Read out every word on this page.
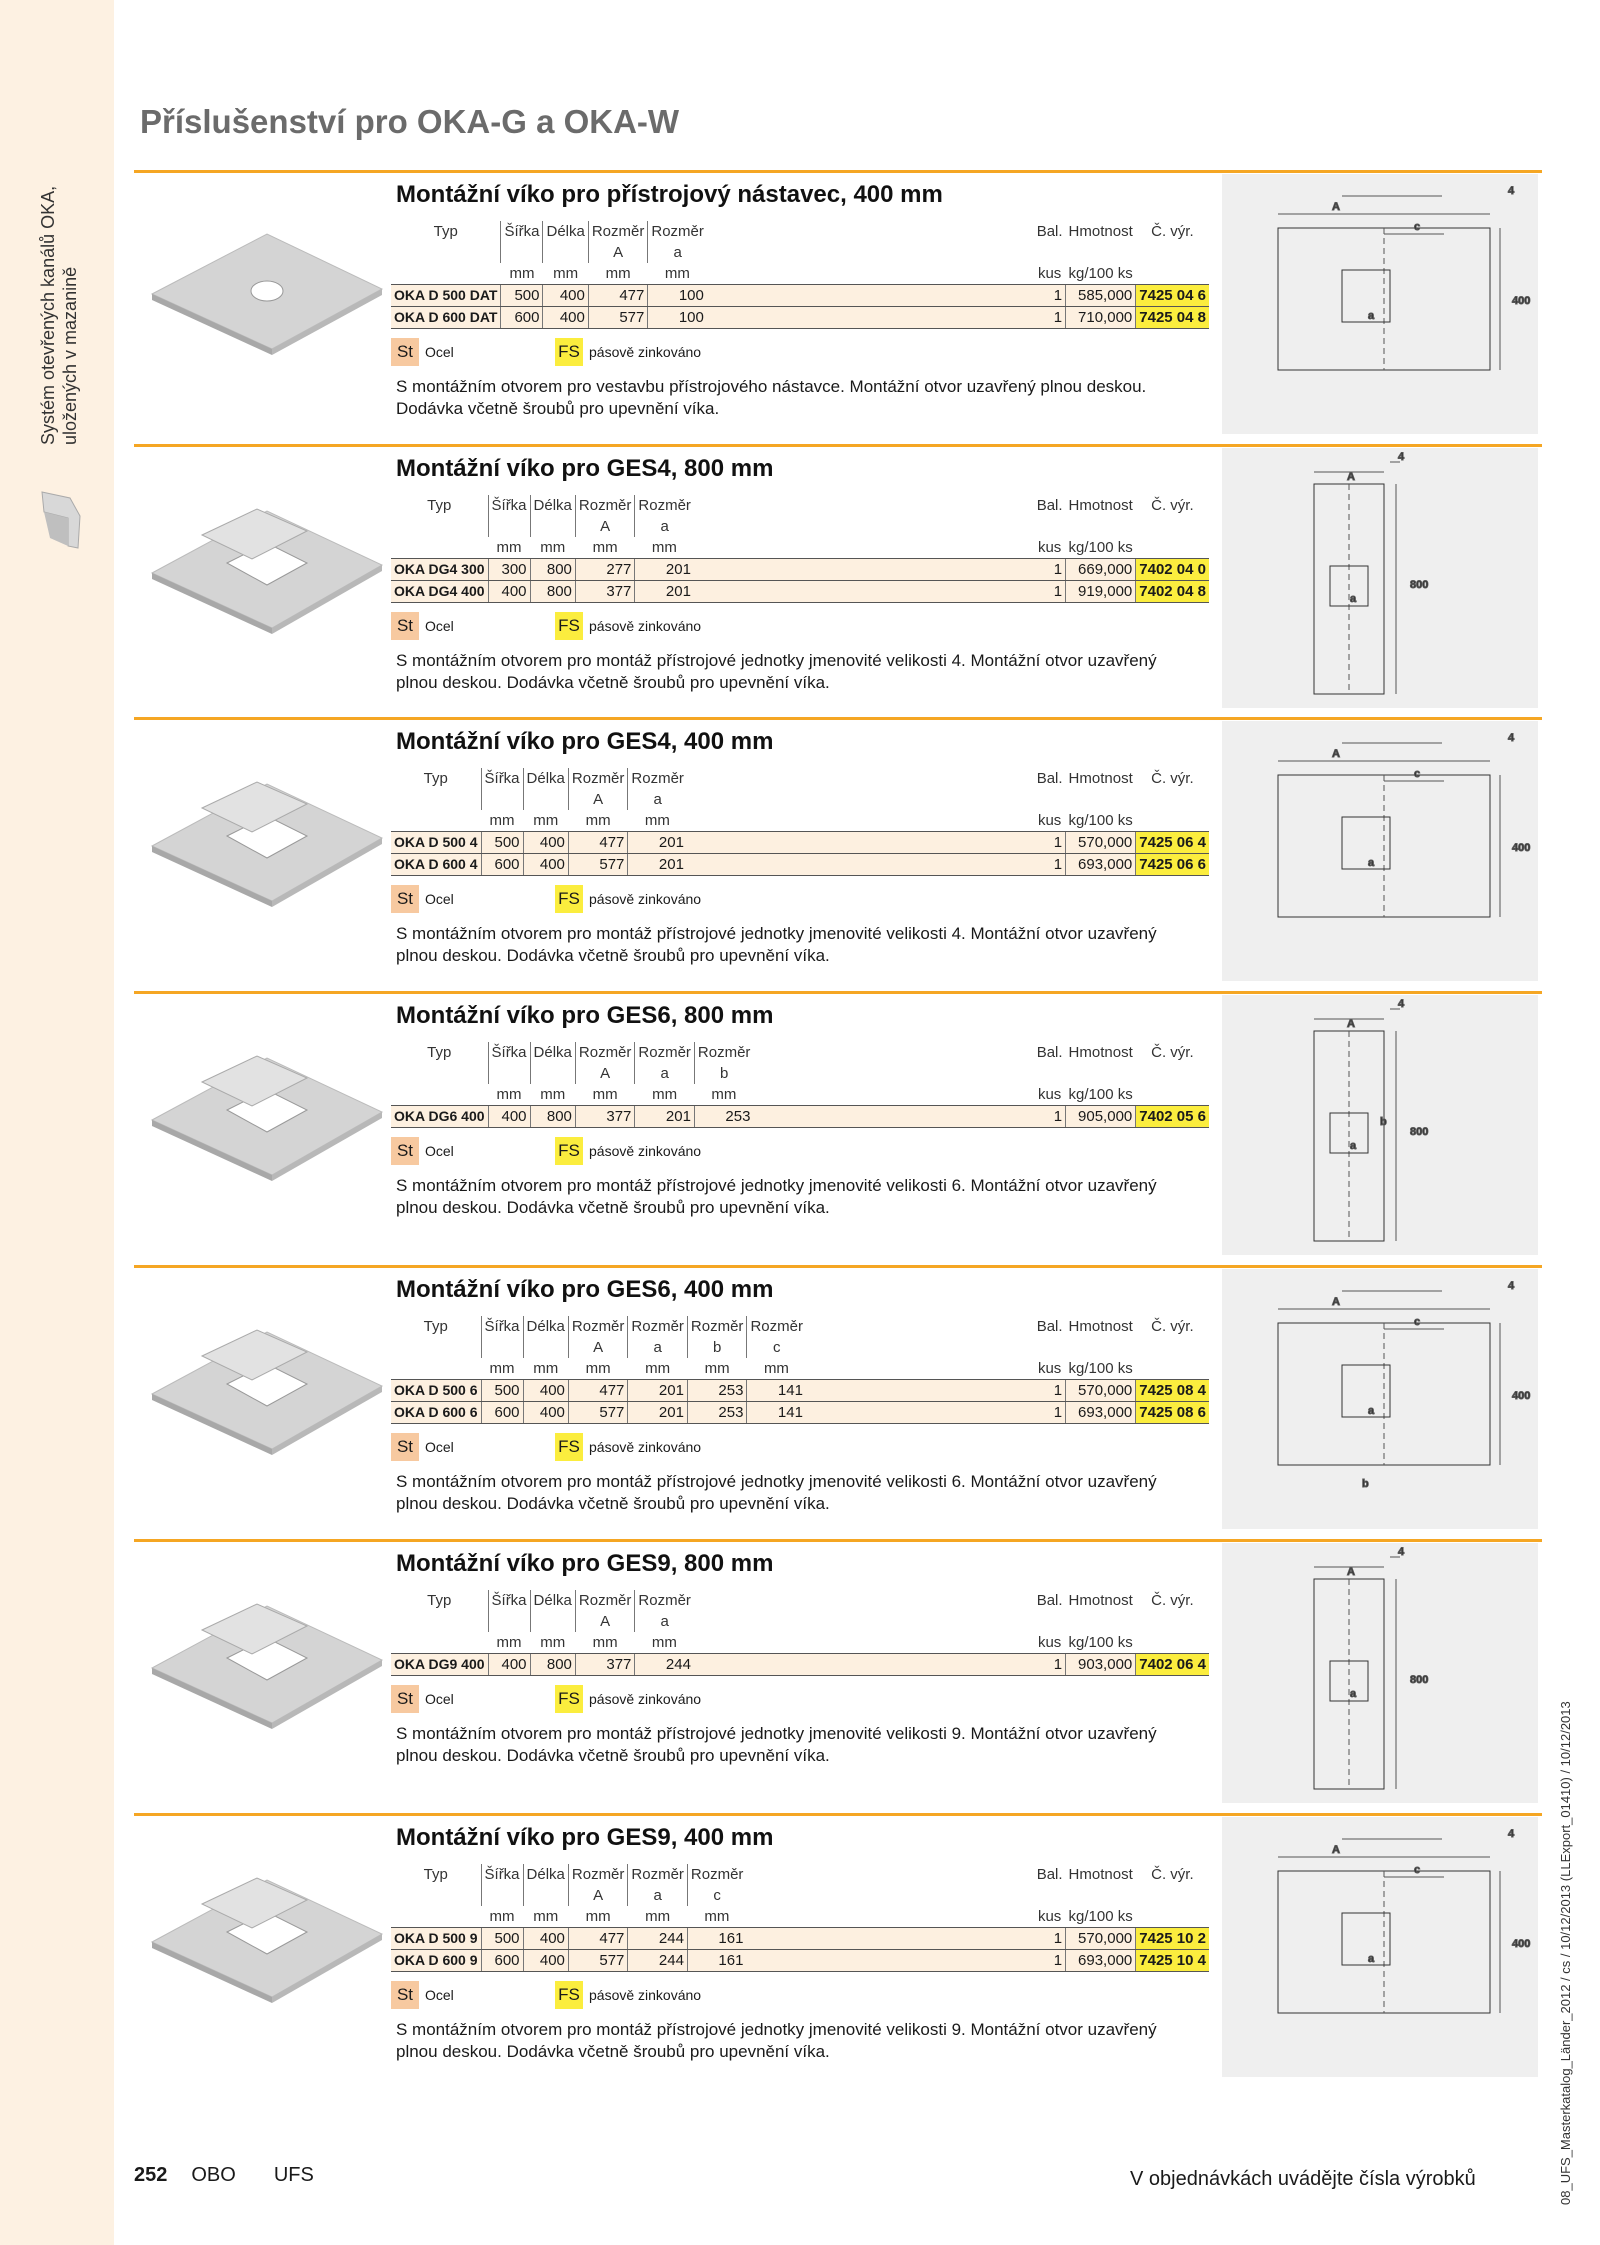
Systém otevřených kanálů OKA, uložených v mazanině
Příslušenství pro OKA-G a OKA-W
A
c
a
400
4
Montážní víko pro přístrojový nástavec, 400 mm
Typ	Šířka	Délka	Rozměr	Rozměr		Bal.	Hmotnost	Č. výr.
			A	a				
	mm	mm	mm	mm		kus	kg/100 ks	
OKA D 500 DAT	500	400	477	100		1	585,000	7425 04 6
OKA D 600 DAT	600	400	577	100		1	710,000	7425 04 8
St Ocel	FS pásově zinkováno
S montážním otvorem pro vestavbu přístrojového nástavce. Montážní otvor uzavřený plnou deskou. Dodávka včetně šroubů pro upevnění víka.
A
a
800
4
Montážní víko pro GES4, 800 mm
Typ	Šířka	Délka	Rozměr	Rozměr		Bal.	Hmotnost	Č. výr.
			A	a				
	mm	mm	mm	mm		kus	kg/100 ks	
OKA DG4 300	300	800	277	201		1	669,000	7402 04 0
OKA DG4 400	400	800	377	201		1	919,000	7402 04 8
St Ocel	FS pásově zinkováno
S montážním otvorem pro montáž přístrojové jednotky jmenovité velikosti 4. Montážní otvor uzavřený plnou deskou. Dodávka včetně šroubů pro upevnění víka.
A
c
a
400
4
Montážní víko pro GES4, 400 mm
Typ	Šířka	Délka	Rozměr	Rozměr		Bal.	Hmotnost	Č. výr.
			A	a				
	mm	mm	mm	mm		kus	kg/100 ks	
OKA D 500 4	500	400	477	201		1	570,000	7425 06 4
OKA D 600 4	600	400	577	201		1	693,000	7425 06 6
St Ocel	FS pásově zinkováno
S montážním otvorem pro montáž přístrojové jednotky jmenovité velikosti 4. Montážní otvor uzavřený plnou deskou. Dodávka včetně šroubů pro upevnění víka.
A
b
a
800
4
Montážní víko pro GES6, 800 mm
Typ	Šířka	Délka	Rozměr	Rozměr	Rozměr		Bal.	Hmotnost	Č. výr.
			A	a	b				
	mm	mm	mm	mm	mm		kus	kg/100 ks	
OKA DG6 400	400	800	377	201	253		1	905,000	7402 05 6
St Ocel	FS pásově zinkováno
S montážním otvorem pro montáž přístrojové jednotky jmenovité velikosti 6. Montážní otvor uzavřený plnou deskou. Dodávka včetně šroubů pro upevnění víka.
A
c
a
b
400
4
Montážní víko pro GES6, 400 mm
Typ	Šířka	Délka	Rozměr	Rozměr	Rozměr	Rozměr		Bal.	Hmotnost	Č. výr.
			A	a	b	c				
	mm	mm	mm	mm	mm	mm		kus	kg/100 ks	
OKA D 500 6	500	400	477	201	253	141		1	570,000	7425 08 4
OKA D 600 6	600	400	577	201	253	141		1	693,000	7425 08 6
St Ocel	FS pásově zinkováno
S montážním otvorem pro montáž přístrojové jednotky jmenovité velikosti 6. Montážní otvor uzavřený plnou deskou. Dodávka včetně šroubů pro upevnění víka.
A
a
800
4
Montážní víko pro GES9, 800 mm
Typ	Šířka	Délka	Rozměr	Rozměr		Bal.	Hmotnost	Č. výr.
			A	a				
	mm	mm	mm	mm		kus	kg/100 ks	
OKA DG9 400	400	800	377	244		1	903,000	7402 06 4
St Ocel	FS pásově zinkováno
S montážním otvorem pro montáž přístrojové jednotky jmenovité velikosti 9. Montážní otvor uzavřený plnou deskou. Dodávka včetně šroubů pro upevnění víka.
A
c
a
400
4
Montážní víko pro GES9, 400 mm
Typ	Šířka	Délka	Rozměr	Rozměr	Rozměr		Bal.	Hmotnost	Č. výr.
			A	a	c				
	mm	mm	mm	mm	mm		kus	kg/100 ks	
OKA D 500 9	500	400	477	244	161		1	570,000	7425 10 2
OKA D 600 9	600	400	577	244	161		1	693,000	7425 10 4
St Ocel	FS pásově zinkováno
S montážním otvorem pro montáž přístrojové jednotky jmenovité velikosti 9. Montážní otvor uzavřený plnou deskou. Dodávka včetně šroubů pro upevnění víka.	08_UFS_Masterkatalog_Länder_2012 / cs / 10/12/2013 (LLExport_01410) / 10/12/2013
252 OBO UFS	V objednávkách uvádějte čísla výrobků
